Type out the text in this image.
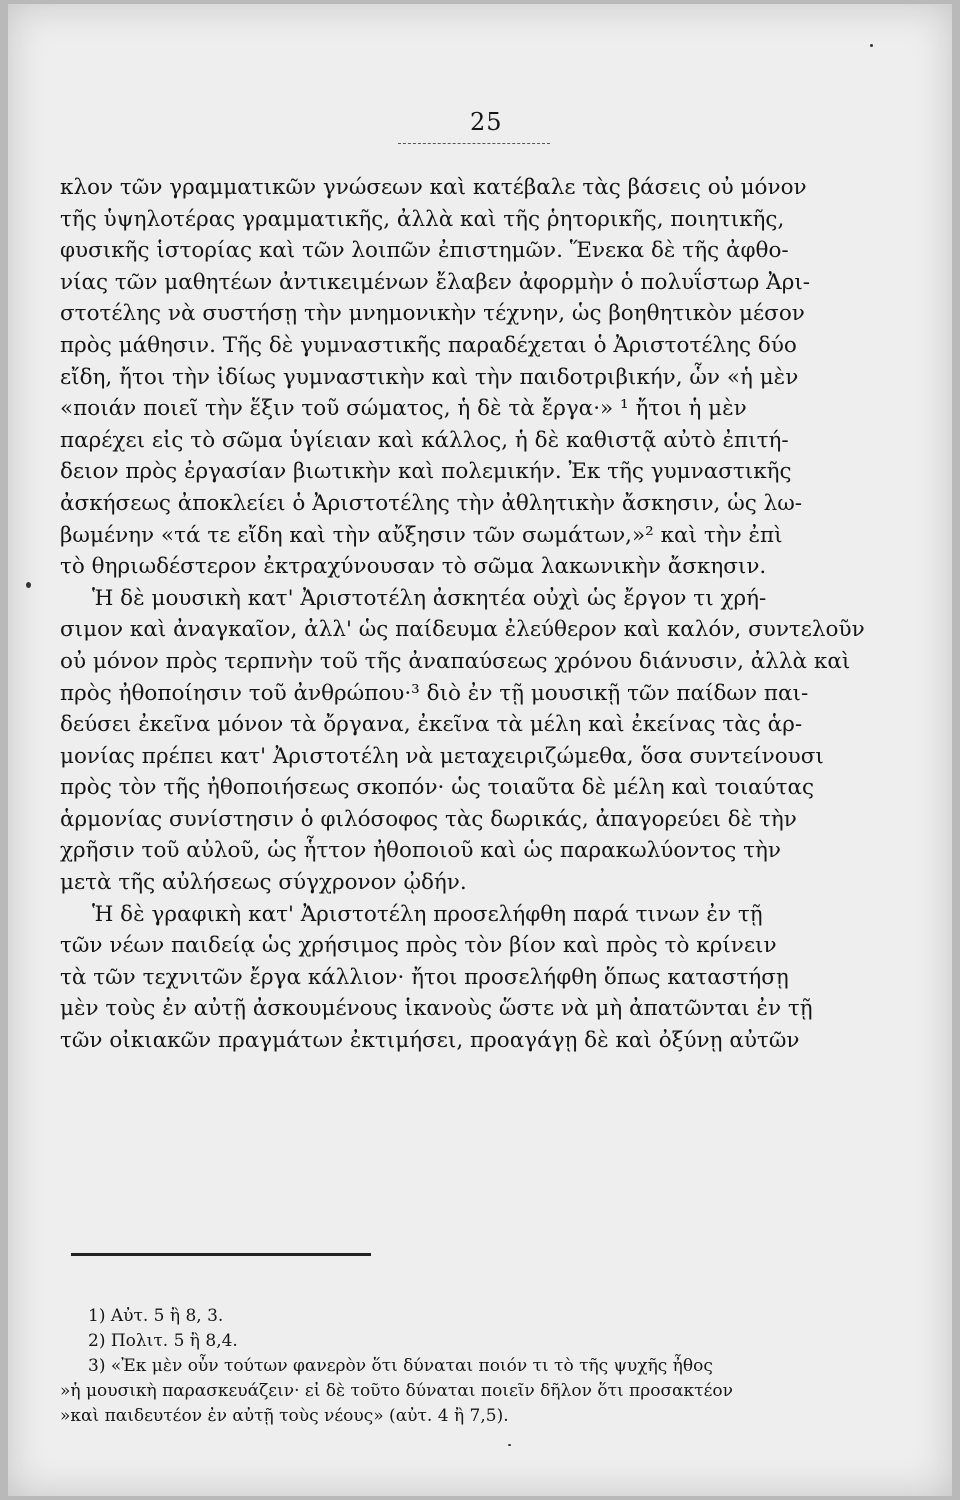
25
κλον τῶν γραμματικῶν γνώσεων καὶ κατέβαλε τὰς βάσεις οὐ μόνον
τῆς ὑψηλοτέρας γραμματικῆς, ἀλλὰ καὶ τῆς ῥητορικῆς, ποιητικῆς,
φυσικῆς ἱστορίας καὶ τῶν λοιπῶν ἐπιστημῶν. Ἕνεκα δὲ τῆς ἀφθο-
νίας τῶν μαθητέων ἀντικειμένων ἔλαβεν ἀφορμὴν ὁ πολυΐστωρ Ἀρι-
στοτέλης νὰ συστήσῃ τὴν μνημονικὴν τέχνην, ὡς βοηθητικὸν μέσον
πρὸς μάθησιν. Τῆς δὲ γυμναστικῆς παραδέχεται ὁ Ἀριστοτέλης δύο
εἴδη, ἤτοι τὴν ἰδίως γυμναστικὴν καὶ τὴν παιδοτριβικήν, ὧν «ἡ μὲν
«ποιάν ποιεῖ τὴν ἕξιν τοῦ σώματος, ἡ δὲ τὰ ἔργα·» ¹ ἤτοι ἡ μὲν
παρέχει εἰς τὸ σῶμα ὑγίειαν καὶ κάλλος, ἡ δὲ καθιστᾷ αὐτὸ ἐπιτή-
δειον πρὸς ἐργασίαν βιωτικὴν καὶ πολεμικήν. Ἐκ τῆς γυμναστικῆς
ἀσκήσεως ἀποκλείει ὁ Ἀριστοτέλης τὴν ἀθλητικὴν ἄσκησιν, ὡς λω-
βωμένην «τά τε εἴδη καὶ τὴν αὔξησιν τῶν σωμάτων,»² καὶ τὴν ἐπὶ
τὸ θηριωδέστερον ἐκτραχύνουσαν τὸ σῶμα λακωνικὴν ἄσκησιν.
Ἡ δὲ μουσικὴ κατ' Ἀριστοτέλη ἀσκητέα οὐχὶ ὡς ἔργον τι χρή-
σιμον καὶ ἀναγκαῖον, ἀλλ' ὡς παίδευμα ἐλεύθερον καὶ καλόν, συντελοῦν
οὐ μόνον πρὸς τερπνὴν τοῦ τῆς ἀναπαύσεως χρόνου διάνυσιν, ἀλλὰ καὶ
πρὸς ἠθοποίησιν τοῦ ἀνθρώπου·³ διὸ ἐν τῇ μουσικῇ τῶν παίδων παι-
δεύσει ἐκεῖνα μόνον τὰ ὄργανα, ἐκεῖνα τὰ μέλη καὶ ἐκείνας τὰς ἁρ-
μονίας πρέπει κατ' Ἀριστοτέλη νὰ μεταχειριζώμεθα, ὅσα συντείνουσι
πρὸς τὸν τῆς ἠθοποιήσεως σκοπόν· ὡς τοιαῦτα δὲ μέλη καὶ τοιαύτας
ἁρμονίας συνίστησιν ὁ φιλόσοφος τὰς δωρικάς, ἀπαγορεύει δὲ τὴν
χρῆσιν τοῦ αὐλοῦ, ὡς ἧττον ἠθοποιοῦ καὶ ὡς παρακωλύοντος τὴν
μετὰ τῆς αὐλήσεως σύγχρονον ᾠδήν.
Ἡ δὲ γραφικὴ κατ' Ἀριστοτέλη προσελήφθη παρά τινων ἐν τῇ
τῶν νέων παιδείᾳ ὡς χρήσιμος πρὸς τὸν βίον καὶ πρὸς τὸ κρίνειν
τὰ τῶν τεχνιτῶν ἔργα κάλλιον· ἤτοι προσελήφθη ὅπως καταστήσῃ
μὲν τοὺς ἐν αὐτῇ ἀσκουμένους ἱκανοὺς ὥστε νὰ μὴ ἀπατῶνται ἐν τῇ
τῶν οἰκιακῶν πραγμάτων ἐκτιμήσει, προαγάγῃ δὲ καὶ ὀξύνῃ αὐτῶν
1) Αὐτ. 5 ἢ 8, 3.
2) Πολιτ. 5 ἢ 8,4.
3) «Ἐκ μὲν οὖν τούτων φανερὸν ὅτι δύναται ποιόν τι τὸ τῆς ψυχῆς ἦθος
»ἡ μουσικὴ παρασκευάζειν· εἰ δὲ τοῦτο δύναται ποιεῖν δῆλον ὅτι προσακτέον
»καὶ παιδευτέον ἐν αὐτῇ τοὺς νέους» (αὐτ. 4 ἢ 7,5).
